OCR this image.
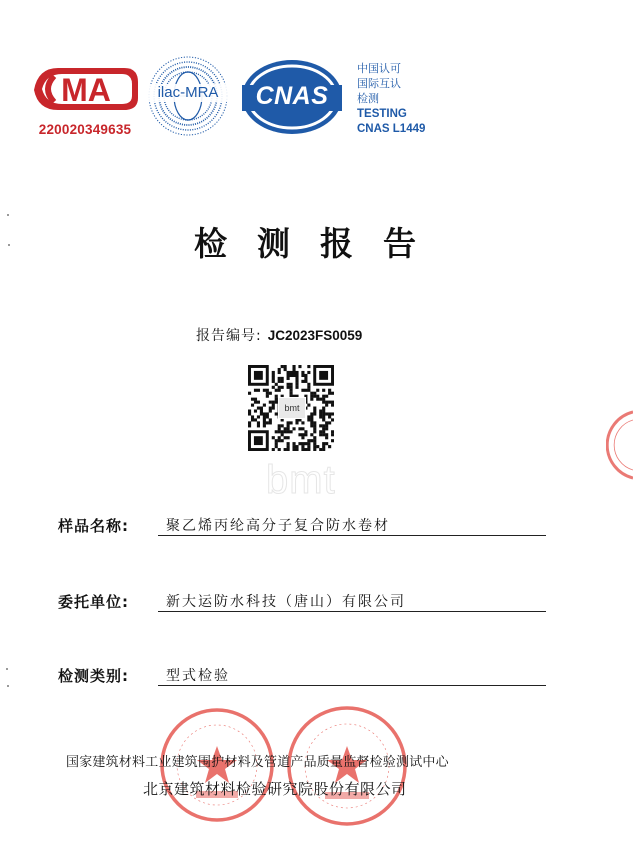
MA
220020349635
ilac-MRA	CNAS
中国认可
国际互认
检测
TESTING
CNAS L1449
检测报告
报告编号: JC2023FS0059
bmt
bmt
样品名称:	聚乙烯丙纶高分子复合防水卷材
委托单位:	新大运防水科技（唐山）有限公司
检测类别:	型式检验
国家建筑材料工业建筑围护材料及管道产品质量监督检验测试中心
北京建筑材料检验研究院股份有限公司
